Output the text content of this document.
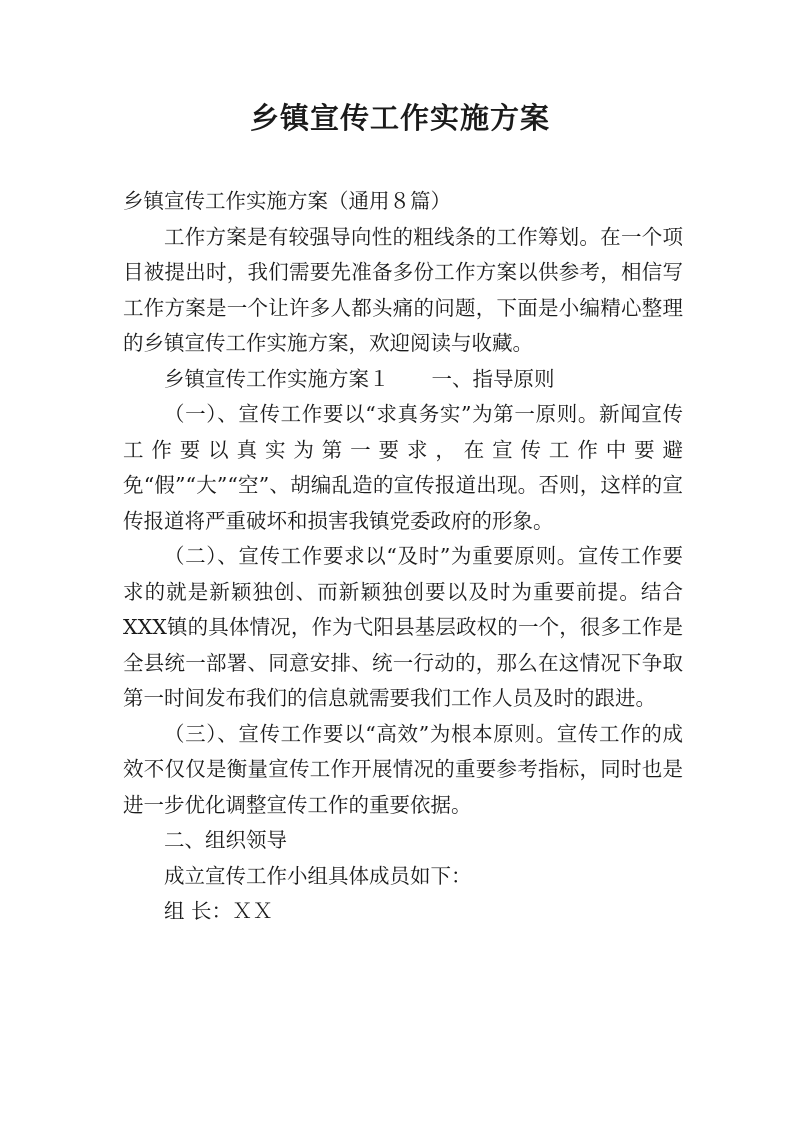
乡镇宣传工作实施方案

乡镇宣传工作实施方案（通用８篇）

工作方案是有较强导向性的粗线条的工作筹划。在一个项目被提出时，我们需要先准备多份工作方案以供参考，相信写工作方案是一个让许多人都头痛的问题，下面是小编精心整理的乡镇宣传工作实施方案，欢迎阅读与收藏。

乡镇宣传工作实施方案１ 一、指导原则

（一）、宣传工作要以“求真务实”为第一原则。新闻宣传工作要以真实为第一要求，在宣传工作中要避免“假”“大”“空”、胡编乱造的宣传报道出现。否则，这样的宣传报道将严重破坏和损害我镇党委政府的形象。

（二）、宣传工作要求以“及时”为重要原则。宣传工作要求的就是新颖独创、而新颖独创要以及时为重要前提。结合XXX镇的具体情况，作为弋阳县基层政权的一个，很多工作是全县统一部署、同意安排、统一行动的，那么在这情况下争取第一时间发布我们的信息就需要我们工作人员及时的跟进。

（三）、宣传工作要以“高效”为根本原则。宣传工作的成效不仅仅是衡量宣传工作开展情况的重要参考指标，同时也是进一步优化调整宣传工作的重要依据。

二、组织领导

成立宣传工作小组具体成员如下：

组 长：ＸＸ
